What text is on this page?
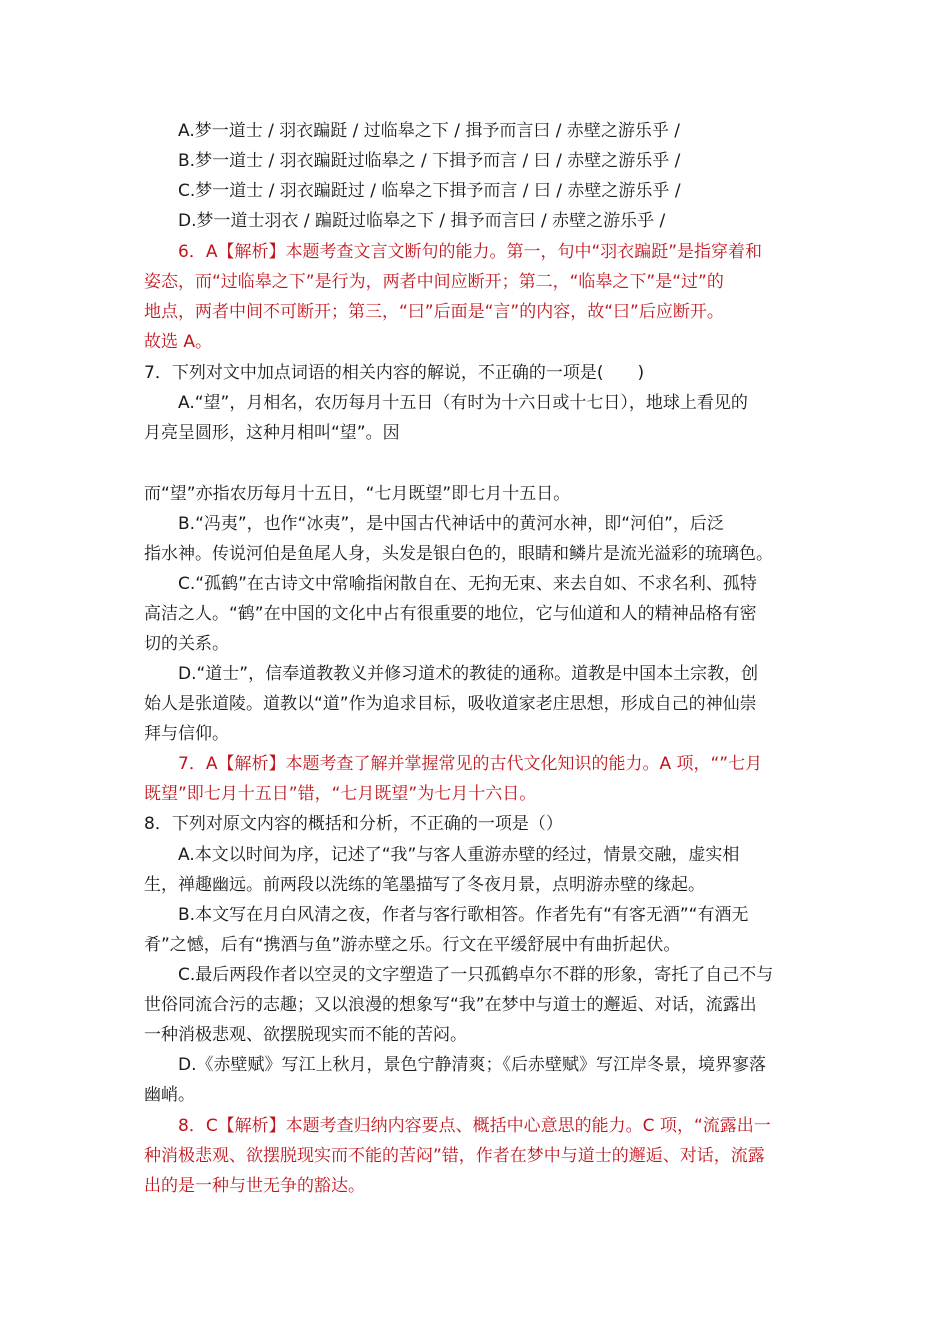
A.梦一道士 / 羽衣蹁跹 / 过临皋之下 / 揖予而言曰 / 赤壁之游乐乎 /
B.梦一道士 / 羽衣蹁跹过临皋之 / 下揖予而言 / 曰 / 赤壁之游乐乎 /
C.梦一道士 / 羽衣蹁跹过 / 临皋之下揖予而言 / 曰 / 赤壁之游乐乎 /
D.梦一道士羽衣 / 蹁跹过临皋之下 / 揖予而言曰 / 赤壁之游乐乎 /
6．A【解析】本题考查文言文断句的能力。第一，句中“羽衣蹁跹”是指穿着和
姿态，而“过临皋之下”是行为，两者中间应断开；第二，“临皋之下”是“过”的
地点，两者中间不可断开；第三，“曰”后面是“言”的内容，故“曰”后应断开。
故选 A。
7．下列对文中加点词语的相关内容的解说，不正确的一项是(　　)
A.“望”，月相名，农历每月十五日（有时为十六日或十七日），地球上看见的
月亮呈圆形，这种月相叫“望”。因
而“望”亦指农历每月十五日，“七月既望”即七月十五日。
B.“冯夷”，也作“冰夷”，是中国古代神话中的黄河水神，即“河伯”，后泛
指水神。传说河伯是鱼尾人身，头发是银白色的，眼睛和鳞片是流光溢彩的琉璃色。
C.“孤鹤”在古诗文中常喻指闲散自在、无拘无束、来去自如、不求名利、孤特
高洁之人。“鹤”在中国的文化中占有很重要的地位，它与仙道和人的精神品格有密
切的关系。
D.“道士”，信奉道教教义并修习道术的教徒的通称。道教是中国本土宗教，创
始人是张道陵。道教以“道”作为追求目标，吸收道家老庄思想，形成自己的神仙崇
拜与信仰。
7．A【解析】本题考查了解并掌握常见的古代文化知识的能力。A 项，“”七月
既望”即七月十五日”错，“七月既望”为七月十六日。
8．下列对原文内容的概括和分析，不正确的一项是（）
A.本文以时间为序，记述了“我”与客人重游赤壁的经过，情景交融，虚实相
生，禅趣幽远。前两段以洗练的笔墨描写了冬夜月景，点明游赤壁的缘起。
B.本文写在月白风清之夜，作者与客行歌相答。作者先有“有客无酒”“有酒无
肴”之憾，后有“携酒与鱼”游赤壁之乐。行文在平缓舒展中有曲折起伏。
C.最后两段作者以空灵的文字塑造了一只孤鹤卓尔不群的形象，寄托了自己不与
世俗同流合污的志趣；又以浪漫的想象写“我”在梦中与道士的邂逅、对话，流露出
一种消极悲观、欲摆脱现实而不能的苦闷。
D.《赤壁赋》写江上秋月，景色宁静清爽；《后赤壁赋》写江岸冬景，境界寥落
幽峭。
8．C【解析】本题考查归纳内容要点、概括中心意思的能力。C 项，“流露出一
种消极悲观、欲摆脱现实而不能的苦闷”错，作者在梦中与道士的邂逅、对话，流露
出的是一种与世无争的豁达。
